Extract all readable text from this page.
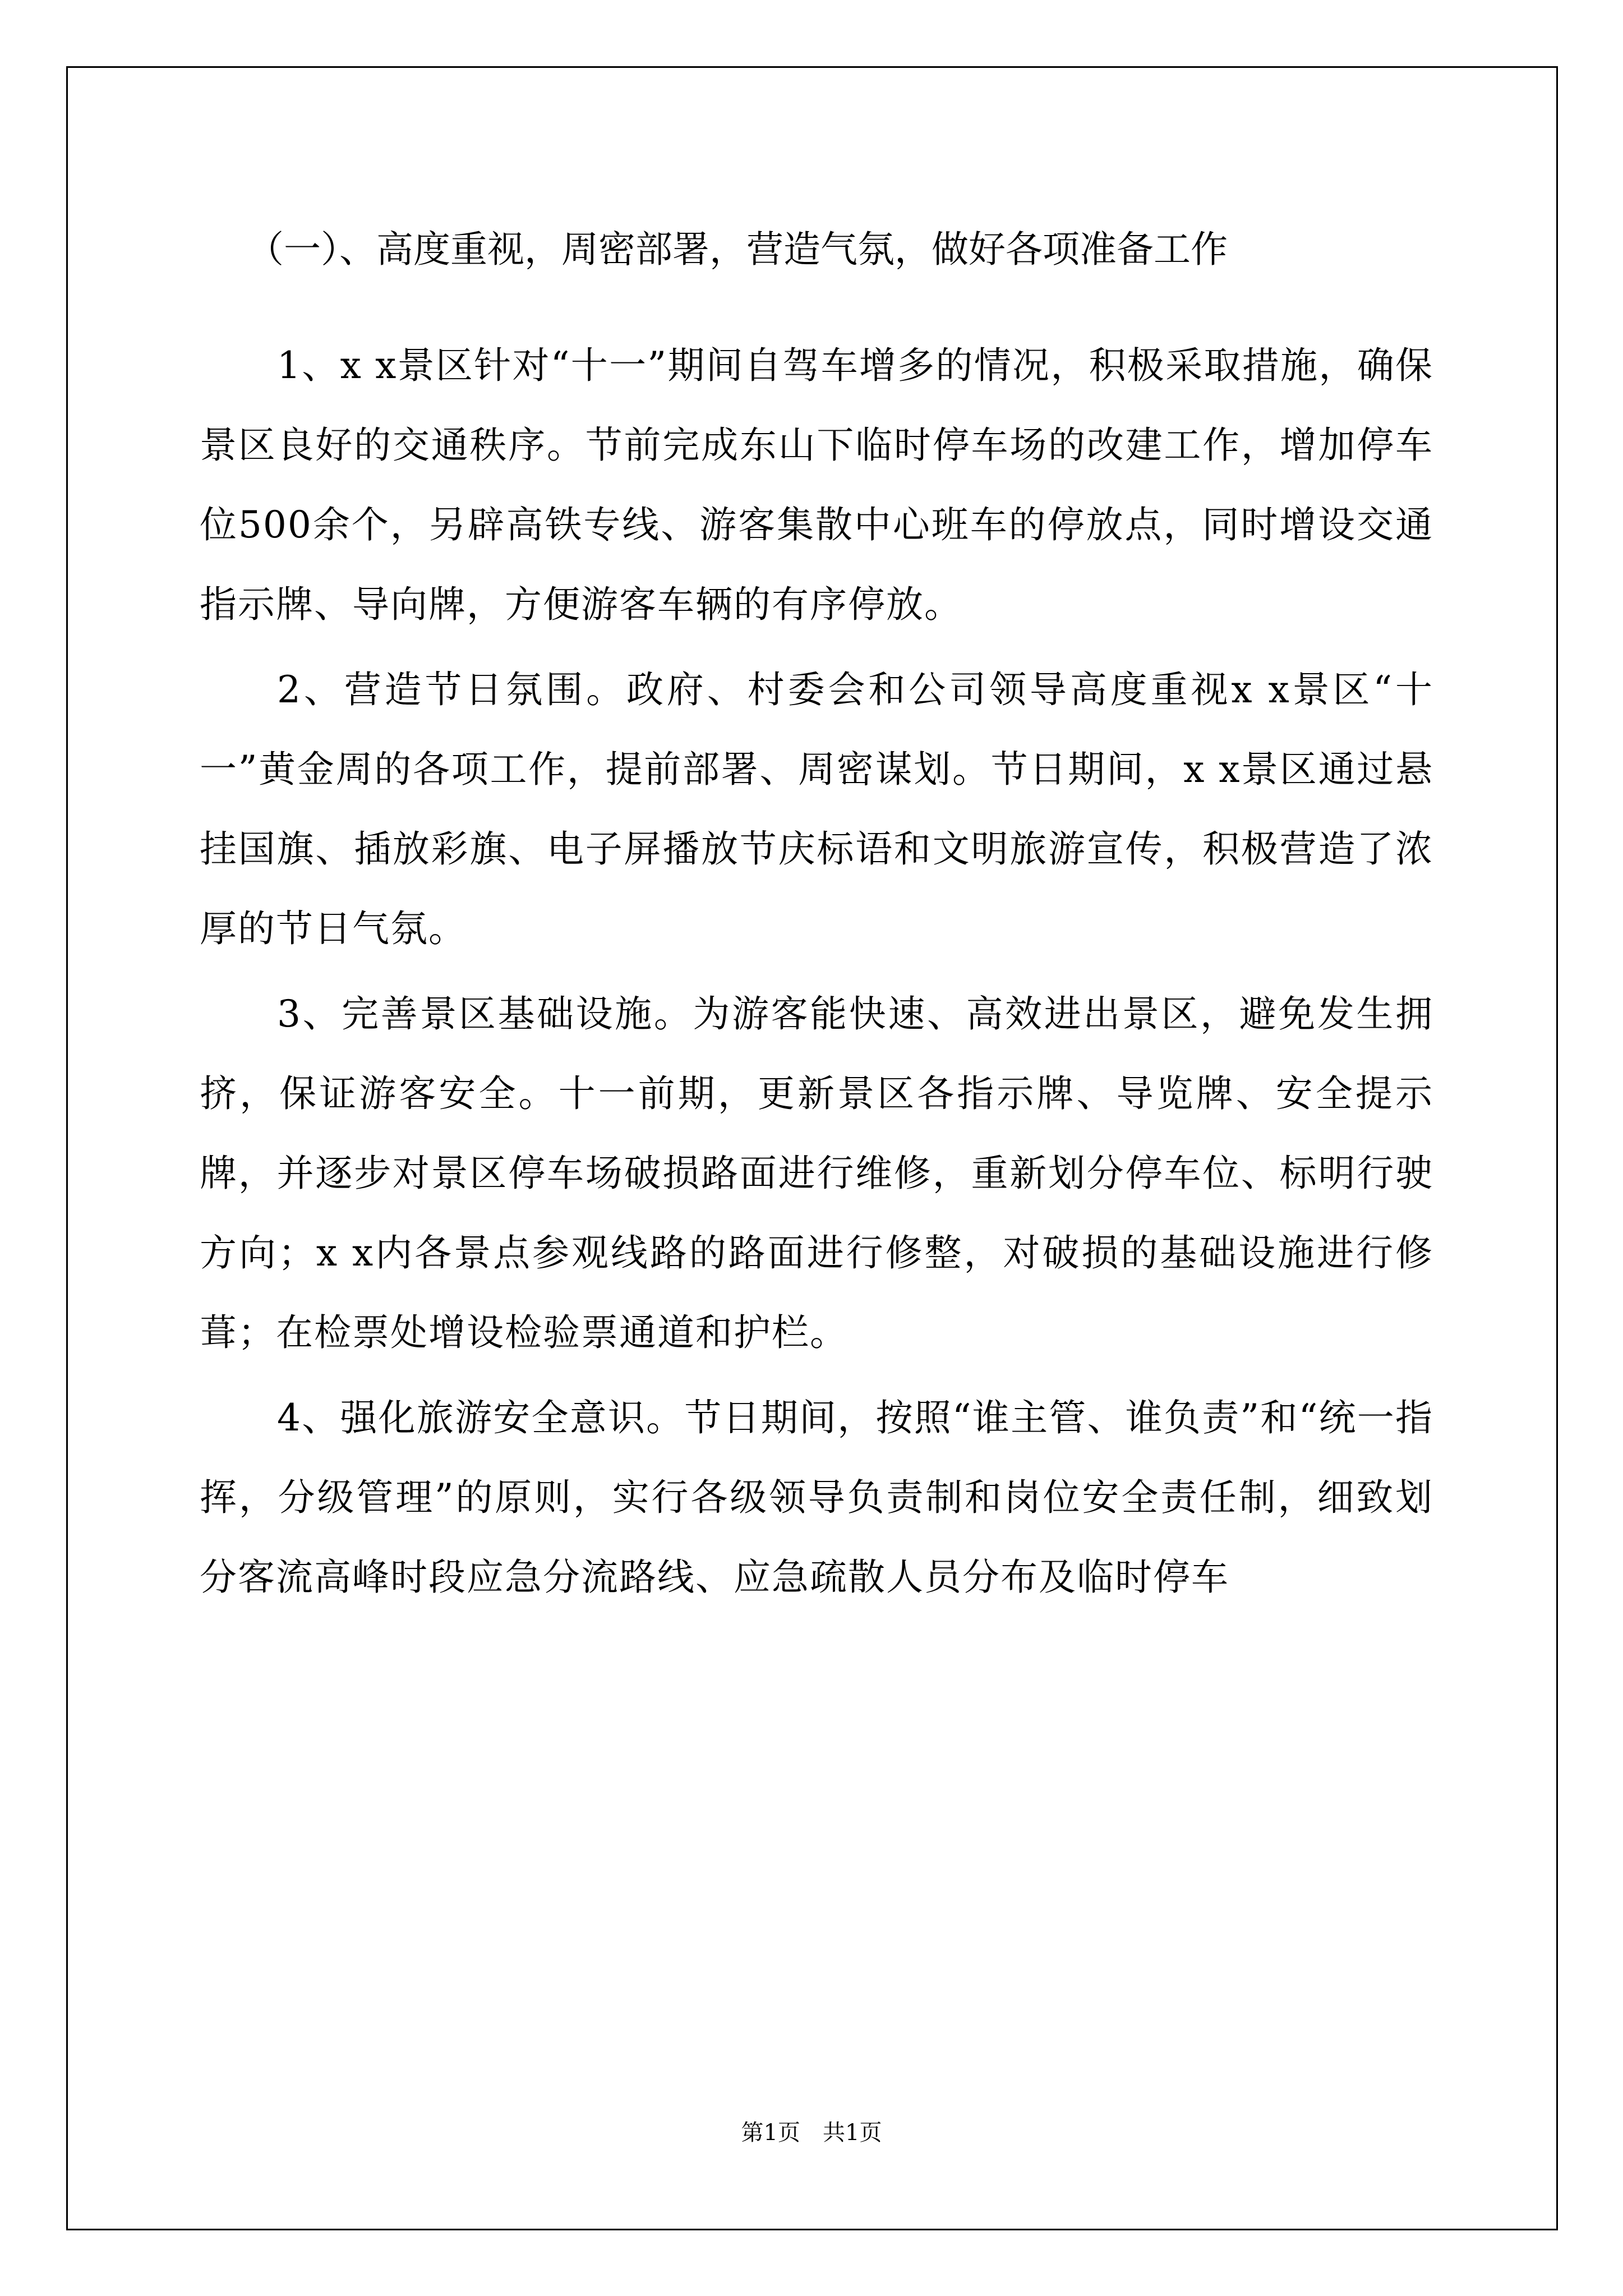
（一）、高度重视，周密部署，营造气氛，做好各项准备工作

1、x x景区针对“十一”期间自驾车增多的情况，积极采取措施，确保景区良好的交通秩序。节前完成东山下临时停车场的改建工作，增加停车位500余个，另辟高铁专线、游客集散中心班车的停放点，同时增设交通指示牌、导向牌，方便游客车辆的有序停放。

2、营造节日氛围。政府、村委会和公司领导高度重视x x景区“十一”黄金周的各项工作，提前部署、周密谋划。节日期间，x x景区通过悬挂国旗、插放彩旗、电子屏播放节庆标语和文明旅游宣传，积极营造了浓厚的节日气氛。

3、完善景区基础设施。为游客能快速、高效进出景区，避免发生拥挤，保证游客安全。十一前期，更新景区各指示牌、导览牌、安全提示牌，并逐步对景区停车场破损路面进行维修，重新划分停车位、标明行驶方向；x x内各景点参观线路的路面进行修整，对破损的基础设施进行修葺；在检票处增设检验票通道和护栏。

4、强化旅游安全意识。节日期间，按照“谁主管、谁负责”和“统一指挥，分级管理”的原则，实行各级领导负责制和岗位安全责任制，细致划分客流高峰时段应急分流路线、应急疏散人员分布及临时停车

第1页　共1页
